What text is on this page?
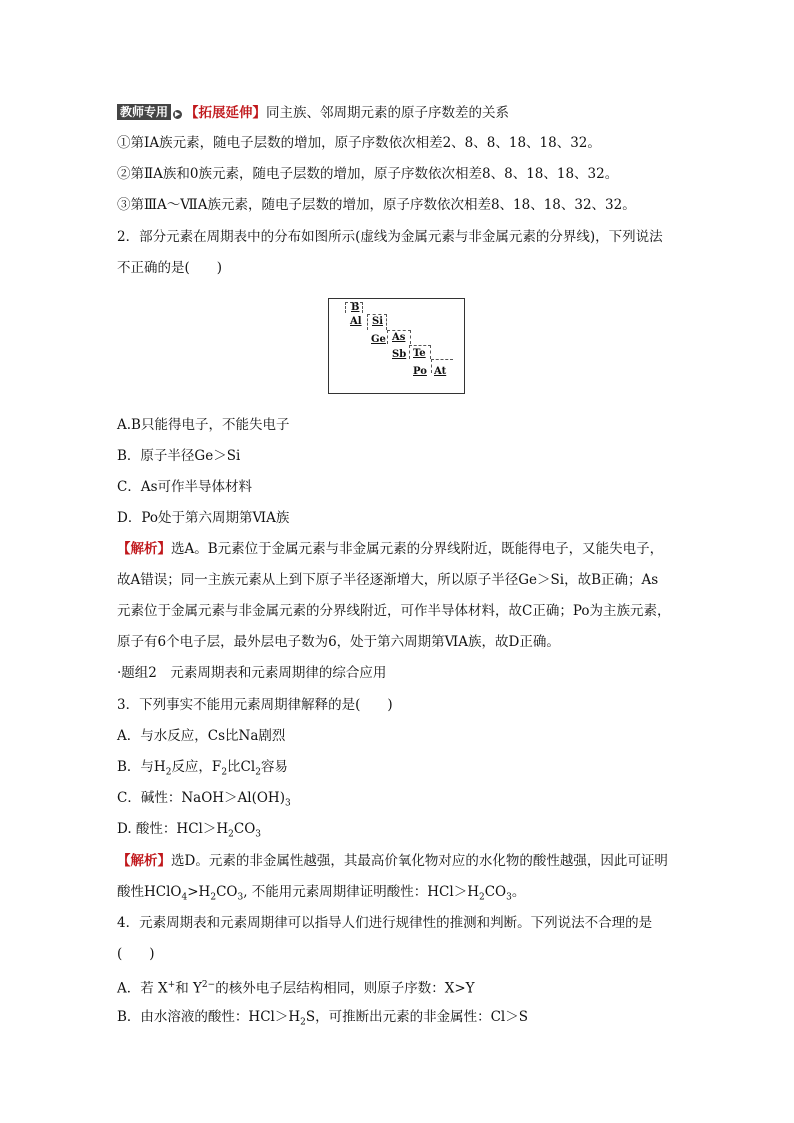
教师专用 ▶ 【拓展延伸】同主族、邻周期元素的原子序数差的关系
①第ⅠA族元素，随电子层数的增加，原子序数依次相差2、8、8、18、18、32。
②第ⅡA族和0族元素，随电子层数的增加，原子序数依次相差8、8、18、18、32。
③第ⅢA～ⅦA族元素，随电子层数的增加，原子序数依次相差8、18、18、32、32。
2．部分元素在周期表中的分布如图所示(虚线为金属元素与非金属元素的分界线)，下列说法
不正确的是(　　)
B
Al Si
Ge As
Sb Te
Po At
A.B只能得电子，不能失电子
B．原子半径Ge＞Si
C．As可作半导体材料
D．Po处于第六周期第ⅥA族
【解析】选A。B元素位于金属元素与非金属元素的分界线附近，既能得电子，又能失电子，
故A错误；同一主族元素从上到下原子半径逐渐增大，所以原子半径Ge＞Si，故B正确；As
元素位于金属元素与非金属元素的分界线附近，可作半导体材料，故C正确；Po为主族元素，
原子有6个电子层，最外层电子数为6，处于第六周期第ⅥA族，故D正确。
·题组2　元素周期表和元素周期律的综合应用
3．下列事实不能用元素周期律解释的是(　　)
A．与水反应，Cs比Na剧烈
B．与$H_2$反应，$F_2$比$Cl_2$容易
C．碱性：$NaOH>Al(OH)_3$
D. 酸性：$HCl>H_2CO_3$
【解析】选D。元素的非金属性越强，其最高价氧化物对应的水化物的酸性越强，因此可证明
酸性$HClO_4>H_2CO_3$, 不能用元素周期律证明酸性：$HCl>H_2CO_3$。
4．元素周期表和元素周期律可以指导人们进行规律性的推测和判断。下列说法不合理的是
(　　)
A．若 X+和 $Y^{2-}$的核外电子层结构相同，则原子序数：X>Y
B．由水溶液的酸性：$HCl>H_2S$，可推断出元素的非金属性：Cl＞S
